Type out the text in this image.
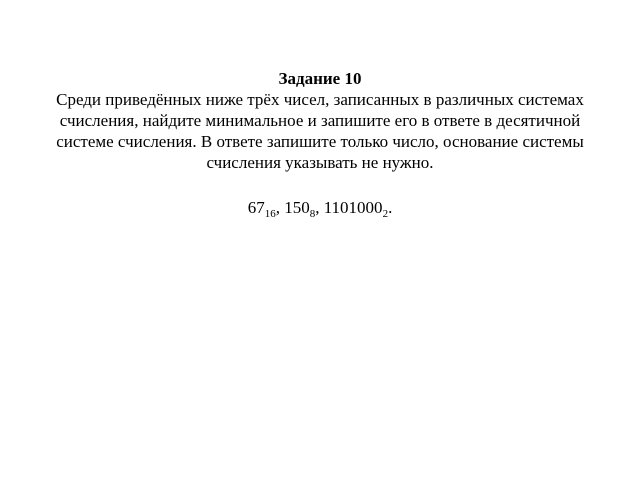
Задание 10

Среди приведённых ниже трёх чисел, записанных в различных системах счисления, найдите минимальное и запишите его в ответе в десятичной системе счисления. В ответе запишите только число, основание системы счисления указывать не нужно.

$67_{16}$, $150_8$, $1101000_2$.
